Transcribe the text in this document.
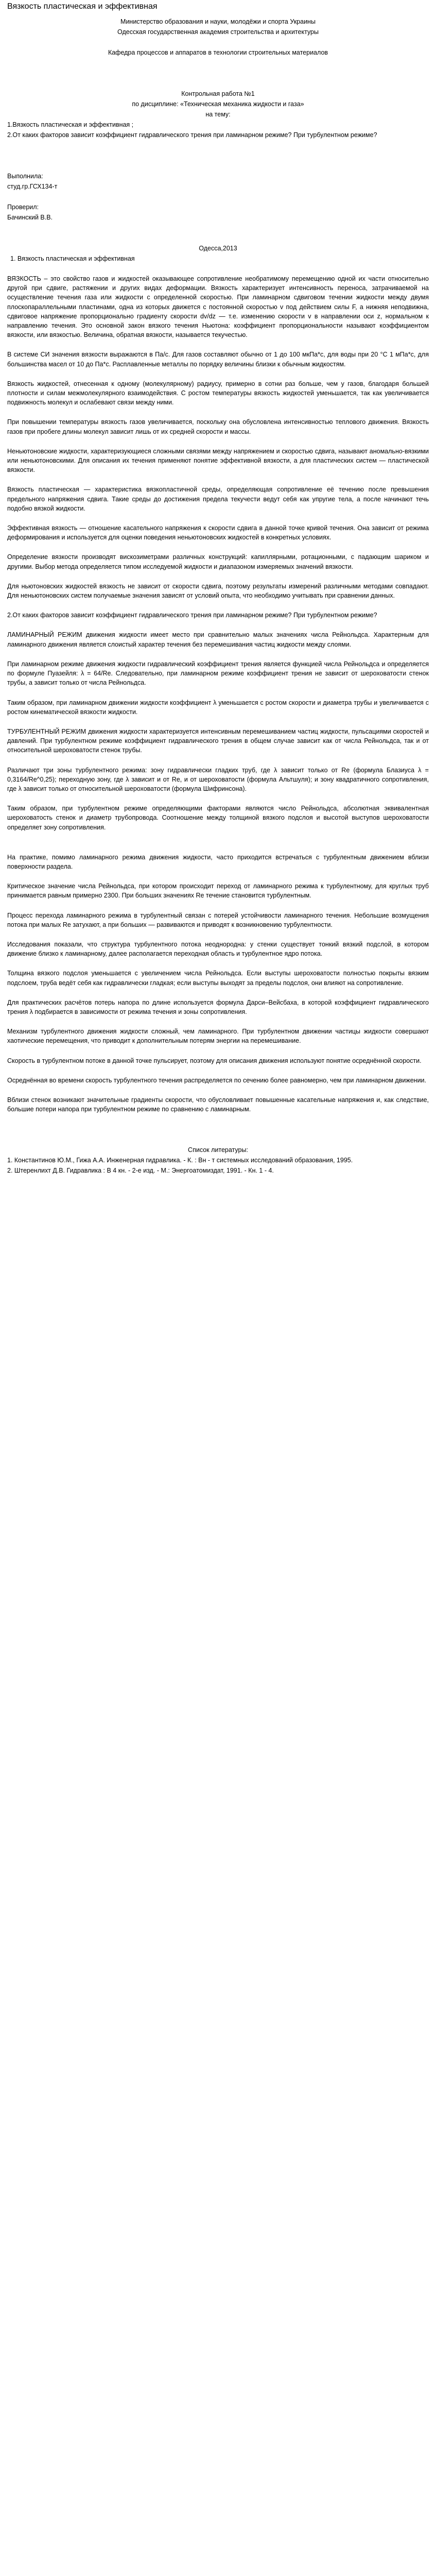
Вязкость пластическая и эффективная
Министерство образования и науки, молодёжи и спорта Украины
Одесская государственная академия строительства и архитектуры
Кафедра процессов и аппаратов в технологии строительных материалов
Контрольная работа №1
по дисциплине: «Техническая механика жидкости и газа»
на тему:
1.Вязкость пластическая и эффективная ;
2.От каких факторов зависит коэффициент гидравлического трения при ламинарном режиме? При турбулентном режиме?
Выполнила:
студ.гр.ГСХ134-т
Проверил:
Бачинский В.В.
Одесса,2013
1. Вязкость пластическая и эффективная

ВЯЗКОСТЬ – это свойство газов и жидкостей оказывающее сопротивление необратимому перемещению одной их части относительно другой при сдвиге, растяжении и других видах деформации. Вязкость характеризует интенсивность переноса, затрачиваемой на осуществление течения газа или жидкости с определенной скоростью. При ламинарном сдвиговом течении жидкости между двумя плоскопараллельными пластинами, одна из которых движется с постоянной скоростью v под действием силы F, а нижняя неподвижна, сдвиговое напряжение пропорционально градиенту скорости dv/dz — т.е. изменению скорости v в направлении оси z, нормальном к направлению течения. Это основной закон вязкого течения Ньютона: коэффициент пропорциональности называют коэффициентом вязкости, или вязкостью. Величина, обратная вязкости, называется текучестью.

В системе СИ значения вязкости выражаются в Па/с. Для газов составляют обычно от 1 до 100 мкПа*с, для воды при 20 °С 1 мПа*с, для большинства масел от 10 до Па*с. Расплавленные металлы по порядку величины близки к обычным жидкостям.

Вязкость жидкостей, отнесенная к одному (молекулярному) радиусу, примерно в сотни раз больше, чем у газов, благодаря большей плотности и силам межмолекулярного взаимодействия. С ростом температуры вязкость жидкостей уменьшается, так как увеличивается подвижность молекул и ослабевают связи между ними.

При повышении температуры вязкость газов увеличивается, поскольку она обусловлена интенсивностью теплового движения. Вязкость газов при пробеге длины молекул зависит лишь от их средней скорости и массы.

Неньютоновские жидкости, характеризующиеся сложными связями между напряжением и скоростью сдвига, называют аномально-вязкими или неньютоновскими. Для описания их течения применяют понятие эффективной вязкости, а для пластических систем — пластической вязкости.

Вязкость пластическая — характеристика вязкопластичной среды, определяющая сопротивление её течению после превышения предельного напряжения сдвига. Такие среды до достижения предела текучести ведут себя как упругие тела, а после начинают течь подобно вязкой жидкости.

Эффективная вязкость — отношение касательного напряжения к скорости сдвига в данной точке кривой течения. Она зависит от режима деформирования и используется для оценки поведения неньютоновских жидкостей в конкретных условиях.

Определение вязкости производят вискозиметрами различных конструкций: капиллярными, ротационными, с падающим шариком и другими. Выбор метода определяется типом исследуемой жидкости и диапазоном измеряемых значений вязкости.

Для ньютоновских жидкостей вязкость не зависит от скорости сдвига, поэтому результаты измерений различными методами совпадают. Для неньютоновских систем получаемые значения зависят от условий опыта, что необходимо учитывать при сравнении данных.

2.От каких факторов зависит коэффициент гидравлического трения при ламинарном режиме? При турбулентном режиме?

ЛАМИНАРНЫЙ РЕЖИМ движения жидкости имеет место при сравнительно малых значениях числа Рейнольдса. Характерным для ламинарного движения является слоистый характер течения без перемешивания частиц жидкости между слоями.

При ламинарном режиме движения жидкости гидравлический коэффициент трения является функцией числа Рейнольдса и определяется по формуле Пуазейля: λ = 64/Re. Следовательно, при ламинарном режиме коэффициент трения не зависит от шероховатости стенок трубы, а зависит только от числа Рейнольдса.

Таким образом, при ламинарном движении жидкости коэффициент λ уменьшается с ростом скорости и диаметра трубы и увеличивается с ростом кинематической вязкости жидкости.

ТУРБУЛЕНТНЫЙ РЕЖИМ движения жидкости характеризуется интенсивным перемешиванием частиц жидкости, пульсациями скоростей и давлений. При турбулентном режиме коэффициент гидравлического трения в общем случае зависит как от числа Рейнольдса, так и от относительной шероховатости стенок трубы.

Различают три зоны турбулентного режима: зону гидравлически гладких труб, где λ зависит только от Re (формула Блазиуса λ = 0,3164/Re^0,25); переходную зону, где λ зависит и от Re, и от шероховатости (формула Альтшуля); и зону квадратичного сопротивления, где λ зависит только от относительной шероховатости (формула Шифринсона).

Таким образом, при турбулентном режиме определяющими факторами являются число Рейнольдса, абсолютная эквивалентная шероховатость стенок и диаметр трубопровода. Соотношение между толщиной вязкого подслоя и высотой выступов шероховатости определяет зону сопротивления.

На практике, помимо ламинарного режима движения жидкости, часто приходится встречаться с турбулентным движением вблизи поверхности раздела.

Критическое значение числа Рейнольдса, при котором происходит переход от ламинарного режима к турбулентному, для круглых труб принимается равным примерно 2300. При больших значениях Re течение становится турбулентным.

Процесс перехода ламинарного режима в турбулентный связан с потерей устойчивости ламинарного течения. Небольшие возмущения потока при малых Re затухают, а при больших — развиваются и приводят к возникновению турбулентности.

Исследования показали, что структура турбулентного потока неоднородна: у стенки существует тонкий вязкий подслой, в котором движение близко к ламинарному, далее располагается переходная область и турбулентное ядро потока.

Толщина вязкого подслоя уменьшается с увеличением числа Рейнольдса. Если выступы шероховатости полностью покрыты вязким подслоем, труба ведёт себя как гидравлически гладкая; если выступы выходят за пределы подслоя, они влияют на сопротивление.

Для практических расчётов потерь напора по длине используется формула Дарси–Вейсбаха, в которой коэффициент гидравлического трения λ подбирается в зависимости от режима течения и зоны сопротивления.

Механизм турбулентного движения жидкости сложный, чем ламинарного. При турбулентном движении частицы жидкости совершают хаотические перемещения, что приводит к дополнительным потерям энергии на перемешивание.

Скорость в турбулентном потоке в данной точке пульсирует, поэтому для описания движения используют понятие осреднённой скорости.

Осреднённая во времени скорость турбулентного течения распределяется по сечению более равномерно, чем при ламинарном движении.

Вблизи стенок возникают значительные градиенты скорости, что обусловливает повышенные касательные напряжения и, как следствие, большие потери напора при турбулентном режиме по сравнению с ламинарным.

Список литературы:
1. Константинов Ю.М., Гижа А.А. Инженерная гидравлика. - К. : Вн - т системных исследований образования, 1995.
2. Штеренлихт Д.В. Гидравлика : В 4 кн. - 2-е изд. - М.: Энергоатомиздат, 1991. - Кн. 1 - 4.
